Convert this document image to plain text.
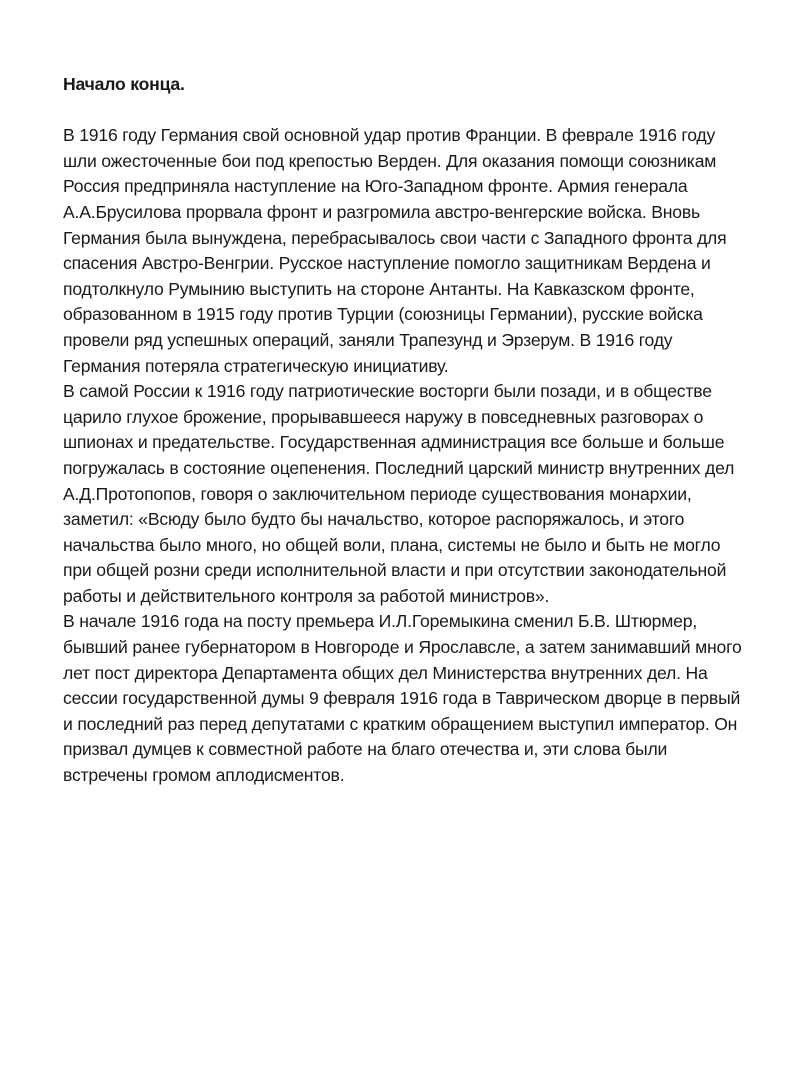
Начало конца.

В 1916 году Германия свой основной удар против Франции. В феврале 1916 году шли ожесточенные бои под крепостью Верден. Для оказания помощи союзникам Россия предприняла наступление на Юго-Западном фронте. Армия генерала А.А.Брусилова прорвала фронт и разгромила австро-венгерские войска. Вновь Германия была вынуждена, перебрасывалось свои части с Западного фронта для спасения Австро-Венгрии. Русское наступление помогло защитникам Вердена и подтолкнуло Румынию выступить на стороне Антанты. На Кавказском фронте, образованном в 1915 году против Турции (союзницы Германии), русские войска провели ряд успешных операций, заняли Трапезунд и Эрзерум. В 1916 году Германия потеряла стратегическую инициативу.

В самой России к 1916 году патриотические восторги были позади, и в обществе царило глухое брожение, прорывавшееся наружу в повседневных разговорах о шпионах и предательстве. Государственная администрация все больше и больше погружалась в состояние оцепенения. Последний царский министр внутренних дел А.Д.Протопопов, говоря о заключительном периоде существования монархии, заметил: «Всюду было будто бы начальство, которое распоряжалось, и этого начальства было много, но общей воли, плана, системы не было и быть не могло при общей розни среди исполнительной власти и при отсутствии законодательной работы и действительного контроля за работой министров».

В начале 1916 года на посту премьера И.Л.Горемыкина сменил Б.В. Штюрмер, бывший ранее губернатором в Новгороде и Ярославсле, а затем занимавший много лет пост директора Департамента общих дел Министерства внутренних дел. На сессии государственной думы 9 февраля 1916 года в Таврическом дворце в первый и последний раз перед депутатами с кратким обращением выступил император. Он призвал думцев к совместной работе на благо отечества и, эти слова были встречены громом аплодисментов.
